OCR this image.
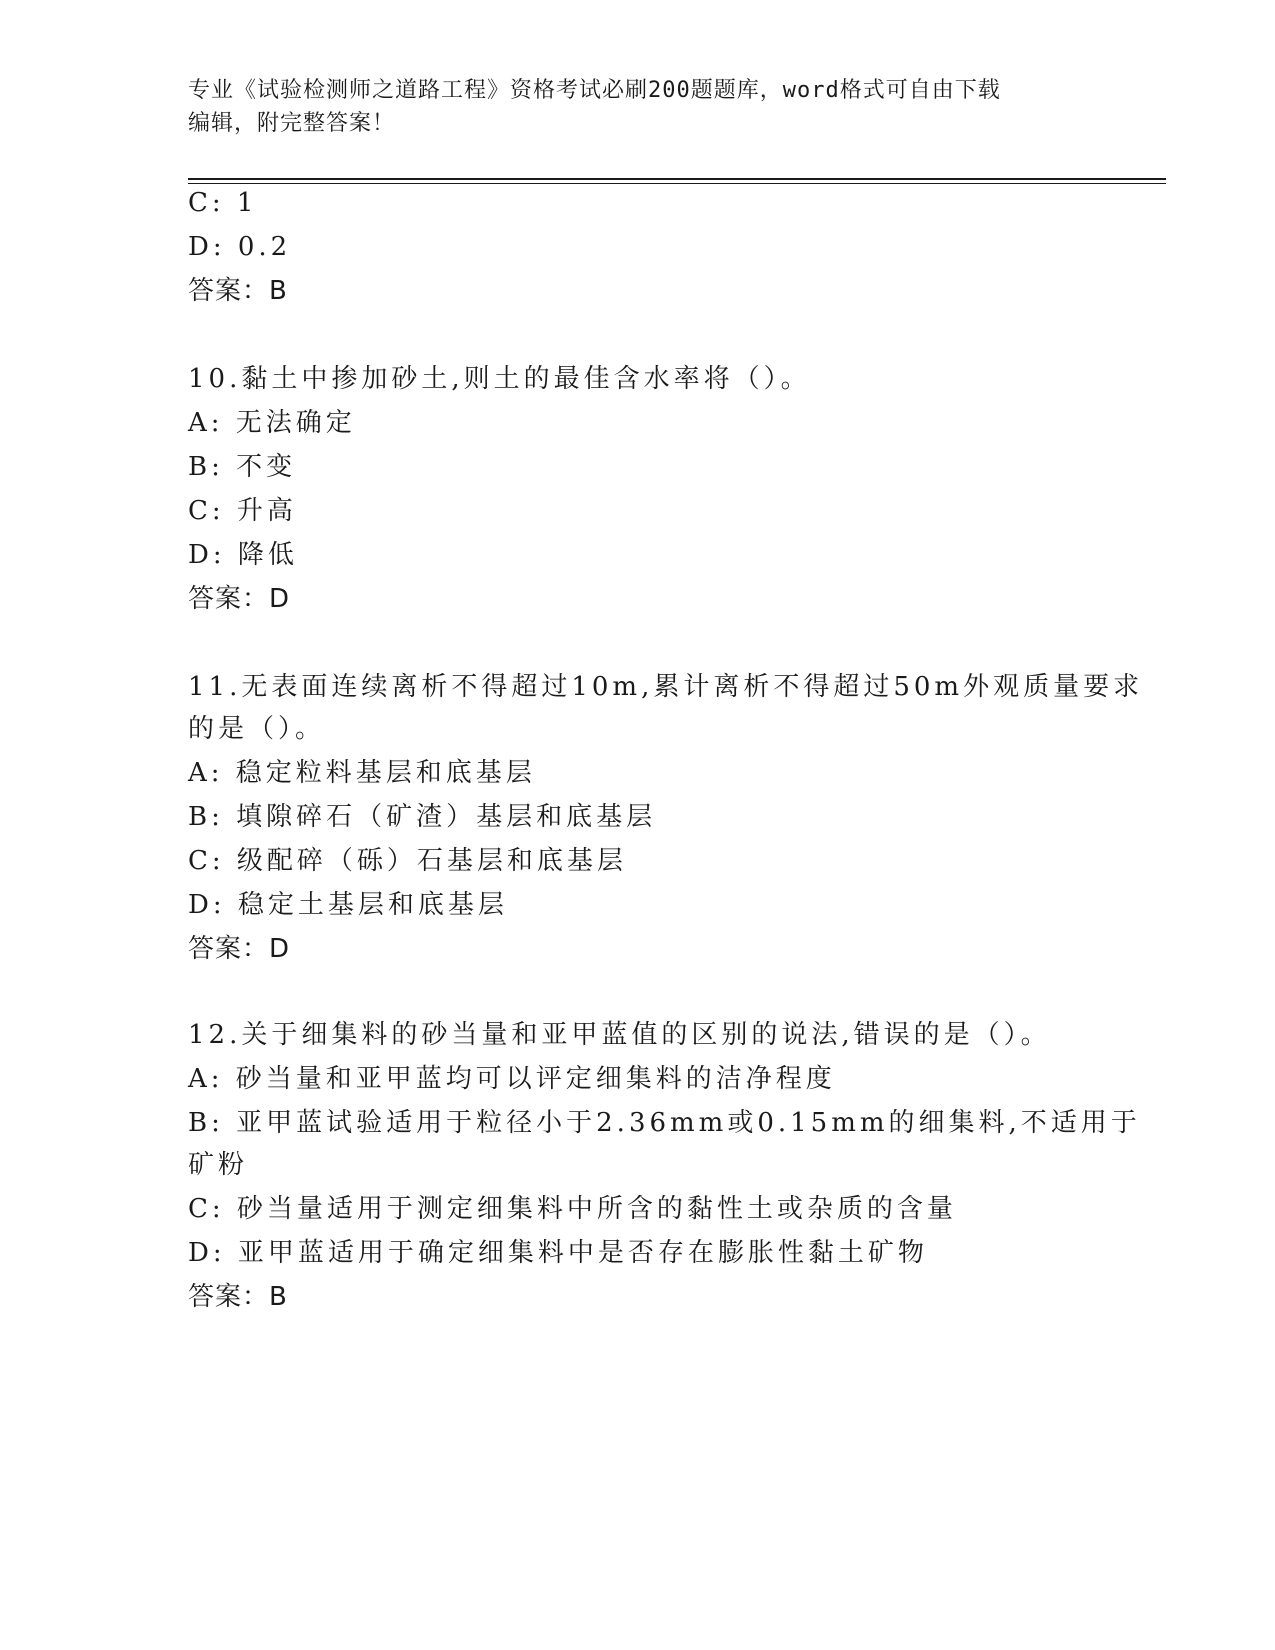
专业《试验检测师之道路工程》资格考试必刷200题题库，word格式可自由下载
编辑，附完整答案！
C: 1
D: 0.2
答案：B
10.黏土中掺加砂土,则土的最佳含水率将（）。
A: 无法确定
B: 不变
C: 升高
D: 降低
答案：D
11.无表面连续离析不得超过10m,累计离析不得超过50m外观质量要求
的是（）。
A: 稳定粒料基层和底基层
B: 填隙碎石（矿渣）基层和底基层
C: 级配碎（砾）石基层和底基层
D: 稳定土基层和底基层
答案：D
12.关于细集料的砂当量和亚甲蓝值的区别的说法,错误的是（）。
A: 砂当量和亚甲蓝均可以评定细集料的洁净程度
B: 亚甲蓝试验适用于粒径小于2.36mm或0.15mm的细集料,不适用于
矿粉
C: 砂当量适用于测定细集料中所含的黏性土或杂质的含量
D: 亚甲蓝适用于确定细集料中是否存在膨胀性黏土矿物
答案：B
